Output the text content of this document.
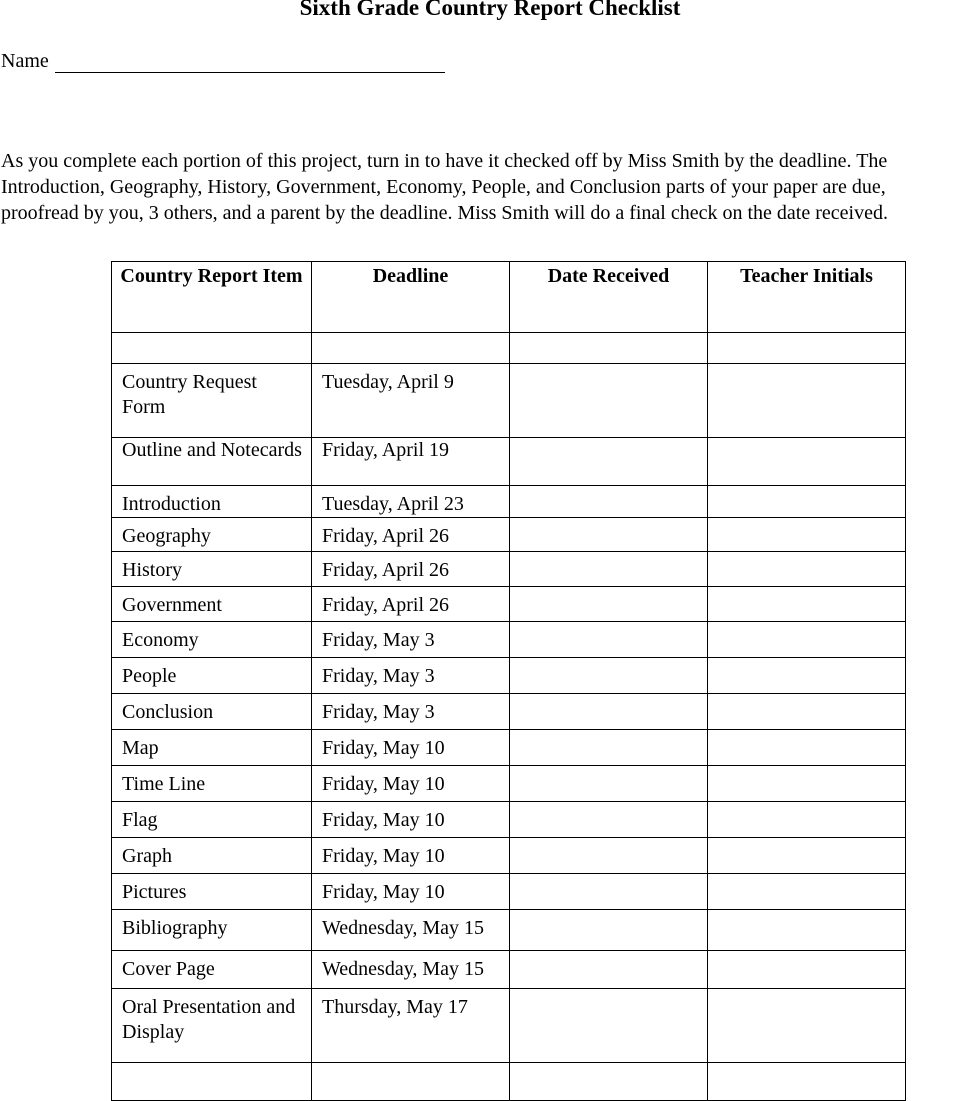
Sixth Grade Country Report Checklist
Name

As you complete each portion of this project, turn in to have it checked off by Miss Smith by the deadline. The
Introduction, Geography, History, Government, Economy, People, and Conclusion parts of your paper are due,
proofread by you, 3 others, and a parent by the deadline. Miss Smith will do a final check on the date received.

Country Report Item	Deadline	Date Received	Teacher Initials

Country Request Form	Tuesday, April 9		
Outline and Notecards	Friday, April 19		
Introduction	Tuesday, April 23		
Geography	Friday, April 26		
History	Friday, April 26		
Government	Friday, April 26		
Economy	Friday, May 3		
People	Friday, May 3		
Conclusion	Friday, May 3		
Map	Friday, May 10		
Time Line	Friday, May 10		
Flag	Friday, May 10		
Graph	Friday, May 10		
Pictures	Friday, May 10		
Bibliography	Wednesday, May 15		
Cover Page	Wednesday, May 15		
Oral Presentation and Display	Thursday, May 17		
